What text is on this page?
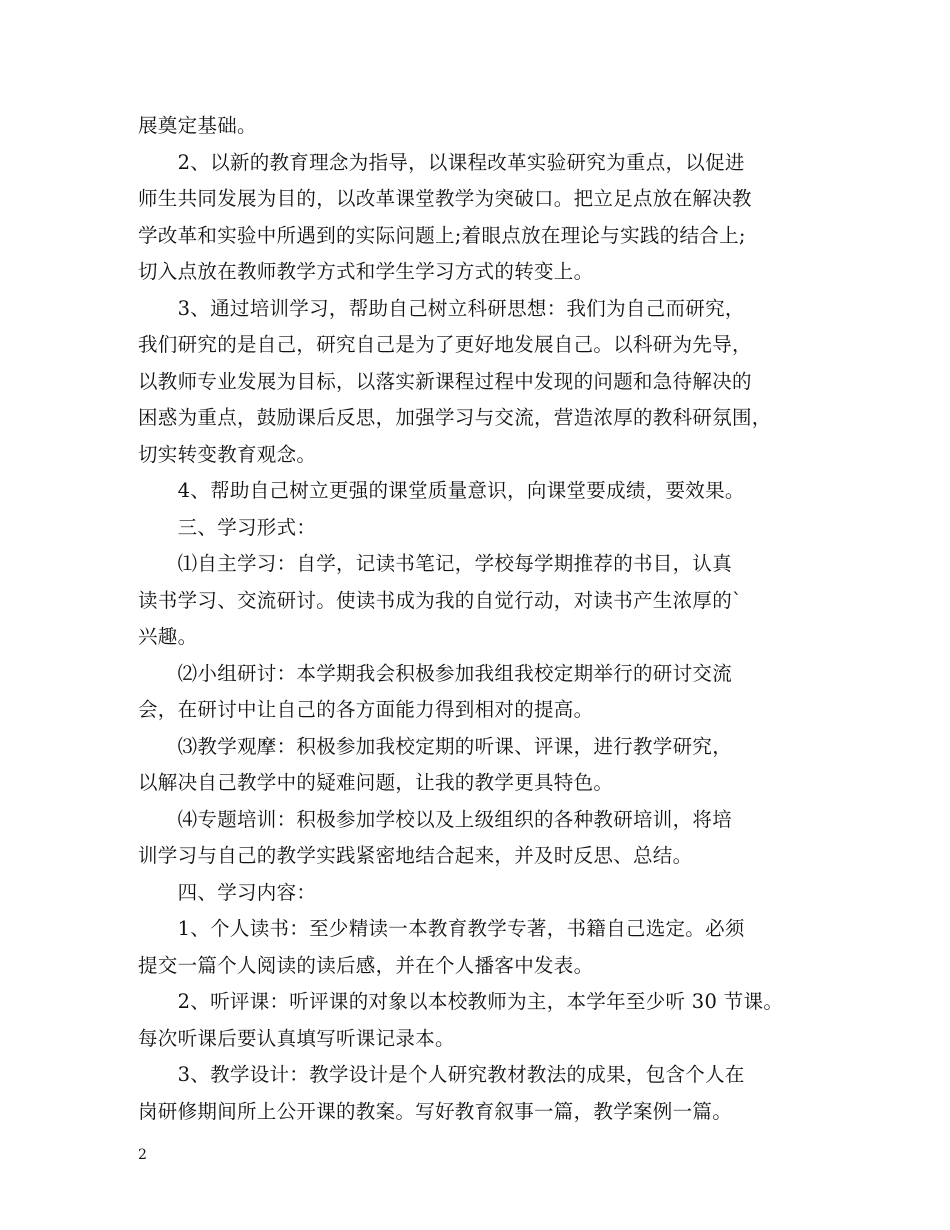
展奠定基础。
　　2、以新的教育理念为指导，以课程改革实验研究为重点，以促进
师生共同发展为目的，以改革课堂教学为突破口。把立足点放在解决教
学改革和实验中所遇到的实际问题上;着眼点放在理论与实践的结合上;
切入点放在教师教学方式和学生学习方式的转变上。
　　3、通过培训学习，帮助自己树立科研思想：我们为自己而研究，
我们研究的是自己，研究自己是为了更好地发展自己。以科研为先导，
以教师专业发展为目标，以落实新课程过程中发现的问题和急待解决的
困惑为重点，鼓励课后反思，加强学习与交流，营造浓厚的教科研氛围，
切实转变教育观念。
　　4、帮助自己树立更强的课堂质量意识，向课堂要成绩，要效果。
　　三、学习形式：
　　⑴自主学习：自学，记读书笔记，学校每学期推荐的书目，认真
读书学习、交流研讨。使读书成为我的自觉行动，对读书产生浓厚的`
兴趣。
　　⑵小组研讨：本学期我会积极参加我组我校定期举行的研讨交流
会，在研讨中让自己的各方面能力得到相对的提高。
　　⑶教学观摩：积极参加我校定期的听课、评课，进行教学研究，
以解决自己教学中的疑难问题，让我的教学更具特色。
　　⑷专题培训：积极参加学校以及上级组织的各种教研培训，将培
训学习与自己的教学实践紧密地结合起来，并及时反思、总结。
　　四、学习内容：
　　1、个人读书：至少精读一本教育教学专著，书籍自己选定。必须
提交一篇个人阅读的读后感，并在个人播客中发表。
　　2、听评课：听评课的对象以本校教师为主，本学年至少听 30 节课。
每次听课后要认真填写听课记录本。
　　3、教学设计：教学设计是个人研究教材教法的成果，包含个人在
岗研修期间所上公开课的教案。写好教育叙事一篇，教学案例一篇。
2
